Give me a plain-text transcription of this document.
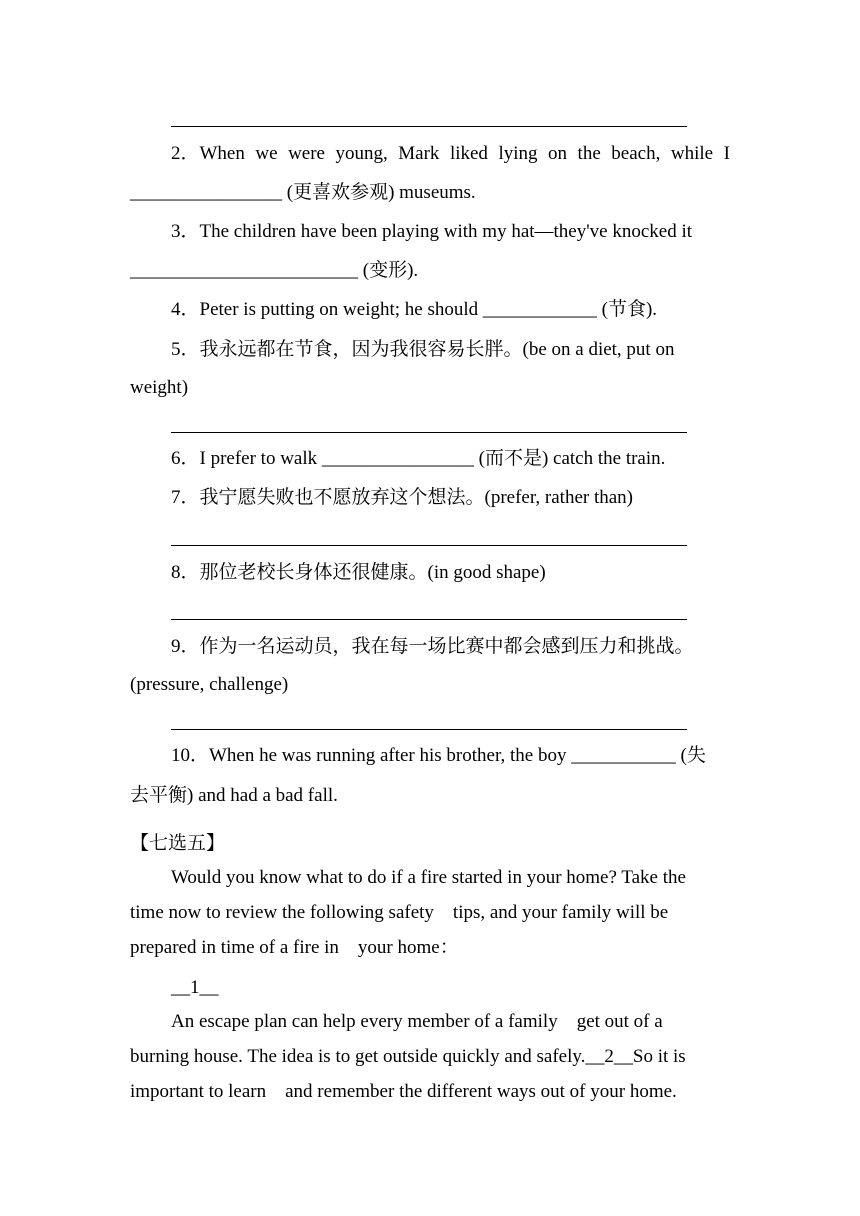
2．When we were young, Mark liked lying on the beach, while I
________________ (更喜欢参观) museums.
3．The children have been playing with my hat—they've knocked it
________________________ (变形).
4．Peter is putting on weight; he should ____________ (节食).
5．我永远都在节食，因为我很容易长胖。(be on a diet, put on
weight)
6．I prefer to walk ________________ (而不是) catch the train.
7．我宁愿失败也不愿放弃这个想法。(prefer, rather than)
8．那位老校长身体还很健康。(in good shape)
9．作为一名运动员，我在每一场比赛中都会感到压力和挑战。
(pressure, challenge)
10．When he was running after his brother, the boy ___________ (失
去平衡) and had a bad fall.
【七选五】
Would you know what to do if a fire started in your home? Take the
time now to review the following safety    tips, and your family will be
prepared in time of a fire in    your home：
__1__
An escape plan can help every member of a family    get out of a
burning house. The idea is to get outside quickly and safely.__2__So it is
important to learn    and remember the different ways out of your home.
